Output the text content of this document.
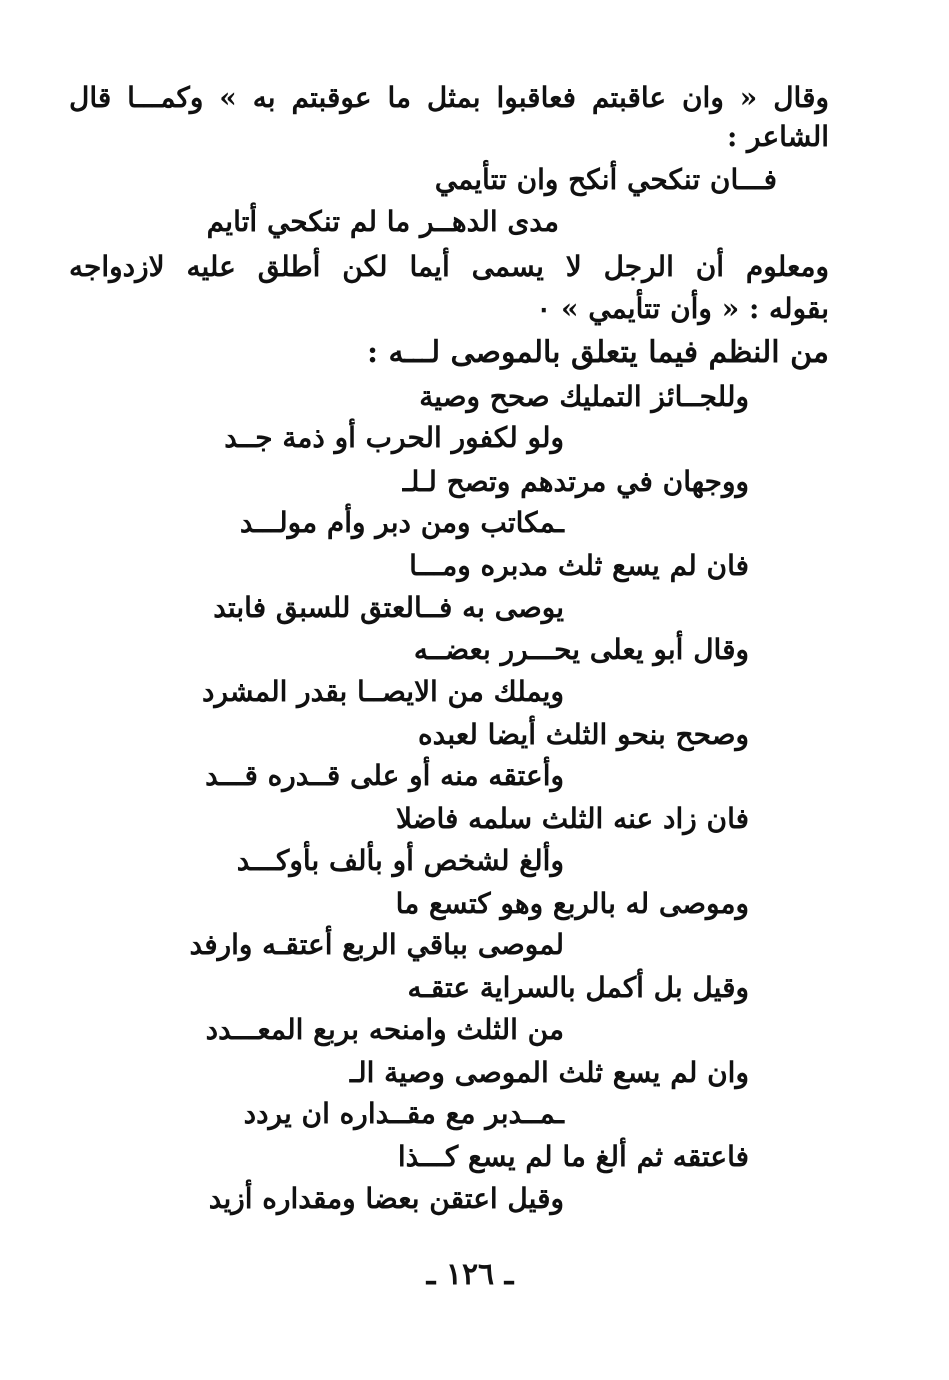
وقال « وان عاقبتم فعاقبوا بمثل ما عوقبتم به » وكمـــا قال
الشاعر :
فـــان تنكحي أنكح وان تتأيمي
مدى الدهــر ما لم تنكحي أتايم
ومعلوم أن الرجل لا يسمى أيما لكن أطلق عليه لازدواجه
بقوله : « وأن تتأيمي » ٠
من النظم فيما يتعلق بالموصى لـــه :
وللجــائز التمليك صحح وصية
ولو لكفور الحرب أو ذمة جــد
ووجهان في مرتدهم وتصح لـلـ
ـمكاتب ومن دبر وأم مولـــد
فان لم يسع ثلث مدبره ومـــا
يوصى به فــالعتق للسبق فابتد
وقال أبو يعلى يحـــرر بعضــه
ويملك من الايصــا بقدر المشرد
وصحح بنحو الثلث أيضا لعبده
وأعتقه منه أو على قــدره قـــد
فان زاد عنه الثلث سلمه فاضلا
وألغ لشخص أو بألف بأوكـــد
وموصى له بالربع وهو كتسع ما
لموصى بباقي الربع أعتقـه وارفد
وقيل بل أكمل بالسراية عتقـه
من الثلث وامنحه بربع المعـــدد
وان لم يسع ثلث الموصى وصية الـ
ـمــدبر مع مقــداره ان يردد
فاعتقه ثم ألغ ما لم يسع كـــذا
وقيل اعتقن بعضا ومقداره أزيد
ـ ١٢٦ ـ
